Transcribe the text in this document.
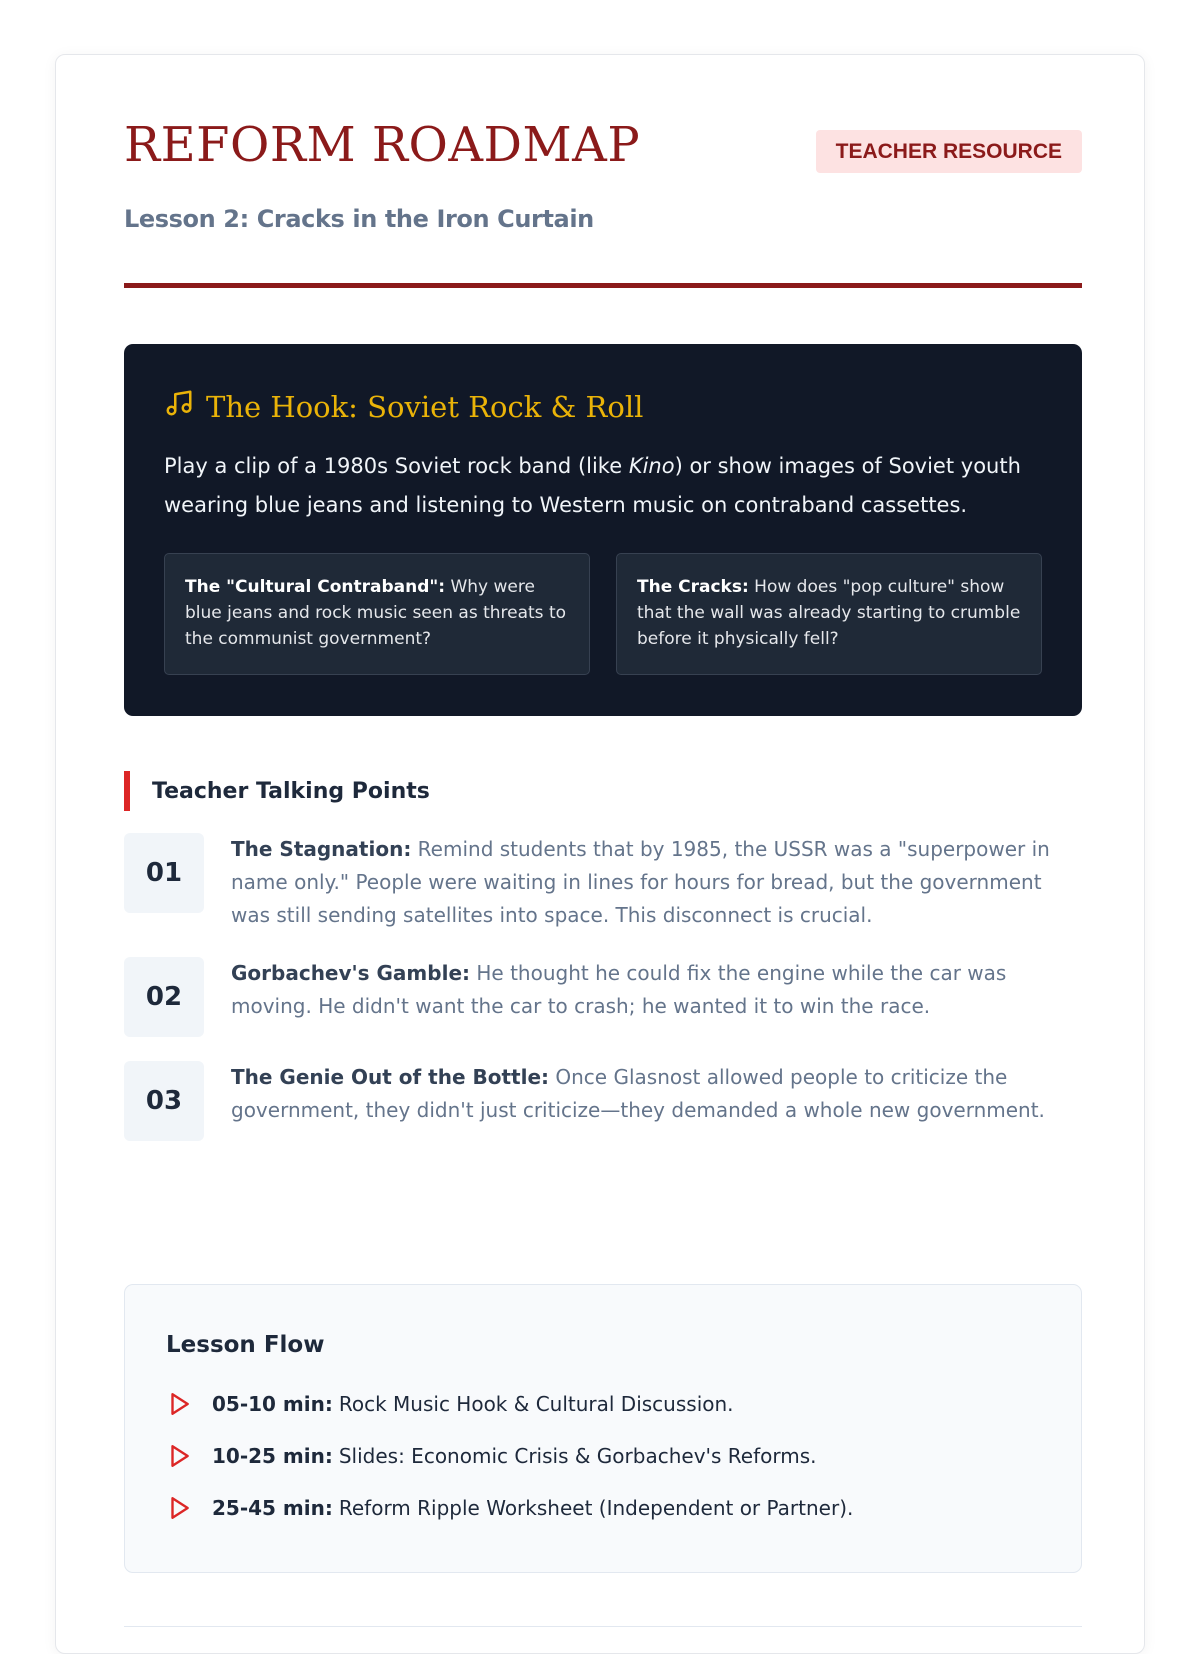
REFORM ROADMAP	TEACHER RESOURCE
Lesson 2: Cracks in the Iron Curtain
The Hook: Soviet Rock & Roll
Play a clip of a 1980s Soviet rock band (like Kino) or show images of Soviet youth wearing blue jeans and listening to Western music on contraband cassettes.
The "Cultural Contraband": Why were blue jeans and rock music seen as threats to the communist government?
The Cracks: How does "pop culture" show that the wall was already starting to crumble before it physically fell?
Teacher Talking Points
01
The Stagnation: Remind students that by 1985, the USSR was a "superpower in name only." People were waiting in lines for hours for bread, but the government was still sending satellites into space. This disconnect is crucial.
02
Gorbachev's Gamble: He thought he could fix the engine while the car was moving. He didn't want the car to crash; he wanted it to win the race.
03
The Genie Out of the Bottle: Once Glasnost allowed people to criticize the government, they didn't just criticize—they demanded a whole new government.
Lesson Flow
05-10 min: Rock Music Hook & Cultural Discussion.
10-25 min: Slides: Economic Crisis & Gorbachev's Reforms.
25-45 min: Reform Ripple Worksheet (Independent or Partner).
